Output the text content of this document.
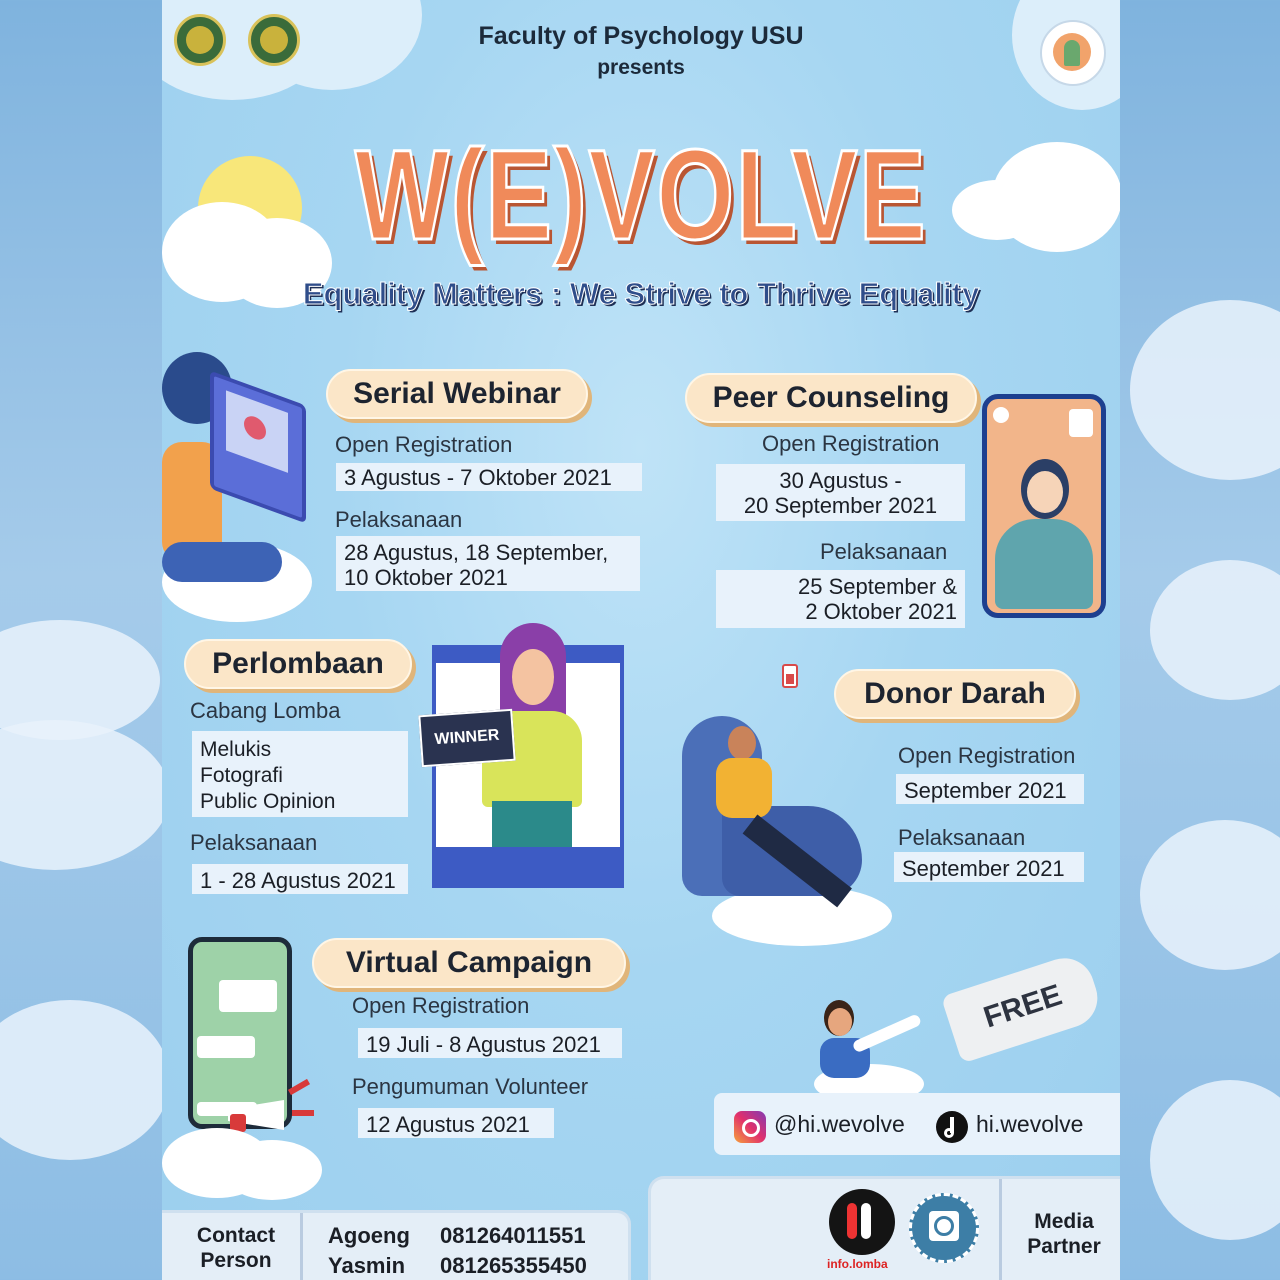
Faculty of Psychology USU
presents
W(E)VOLVE
Equality Matters : We Strive to Thrive Equality
Serial Webinar
Open Registration
3 Agustus - 7 Oktober 2021
Pelaksanaan
28 Agustus, 18 September,
10 Oktober 2021
Peer Counseling
Open Registration
30 Agustus -
20 September 2021
Pelaksanaan
25 September &
2 Oktober 2021
Perlombaan
Cabang Lomba
Melukis
Fotografi
Public Opinion
Pelaksanaan
1 - 28 Agustus 2021
WINNER
Donor Darah
Open Registration
September 2021
Pelaksanaan
September 2021
Virtual Campaign
Open Registration
19 Juli - 8 Agustus 2021
Pengumuman Volunteer
12 Agustus 2021
FREE
@hi.wevolve	hi.wevolve
Contact
Person
Agoeng 081264011551
Yasmin 081265355450	info.lomba
Media
Partner
